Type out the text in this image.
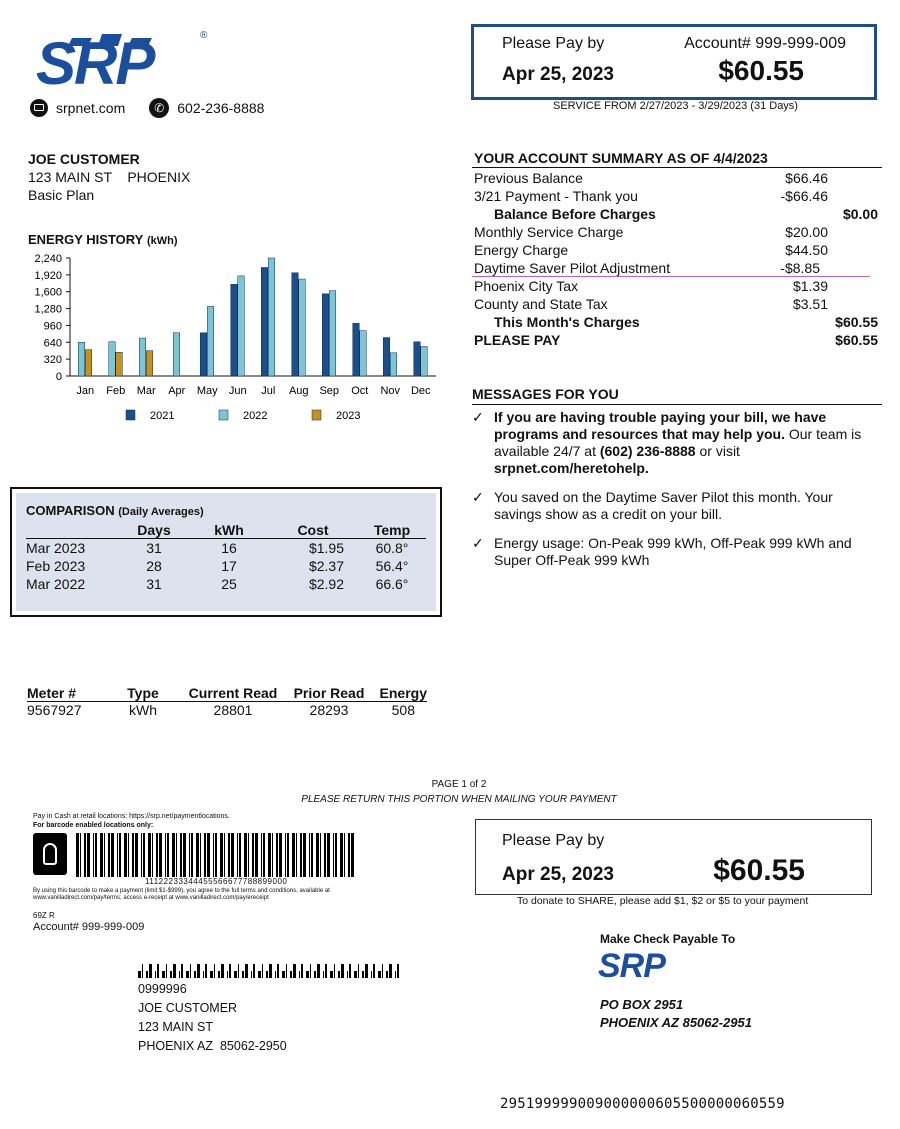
SRP	®
srpnet.com	✆ 602-236-8888
Please Pay by	Account# 999-999-009
Apr 25, 2023	$60.55
SERVICE FROM 2/27/2023 - 3/29/2023 (31 Days)
JOE CUSTOMER
123 MAIN ST    PHOENIX
Basic Plan
YOUR ACCOUNT SUMMARY AS OF 4/4/2023
Previous Balance	$66.46
3/21 Payment - Thank you	-$66.46
Balance Before Charges	$0.00
Monthly Service Charge	$20.00
Energy Charge	$44.50
Daytime Saver Pilot Adjustment	-$8.85
Phoenix City Tax	$1.39
County and State Tax	$3.51
This Month's Charges	$60.55
PLEASE PAY	$60.55
ENERGY HISTORY (kWh)
2,240
1,920
1,600
1,280
960
640
320
0
Jan Feb Mar Apr May Jun Jul Aug Sep Oct Nov Dec
2021	2022	2023
MESSAGES FOR YOU
✓ If you are having trouble paying your bill, we have programs and resources that may help you. Our team is available 24/7 at (602) 236-8888 or visit srpnet.com/heretohelp.
✓ You saved on the Daytime Saver Pilot this month. Your savings show as a credit on your bill.
✓ Energy usage: On-Peak 999 kWh, Off-Peak 999 kWh and Super Off-Peak 999 kWh
COMPARISON (Daily Averages)
	Days	kWh	Cost	Temp
Mar 2023	31	16	$1.95	60.8°
Feb 2023	28	17	$2.37	56.4°
Mar 2022	31	25	$2.92	66.6°
Meter #	Type	Current Read	Prior Read	Energy
9567927	kWh	28801	28293	508
PAGE 1 of 2
PLEASE RETURN THIS PORTION WHEN MAILING YOUR PAYMENT
Pay in Cash at retail locations: https://srp.net/paymentlocations.
For barcode enabled locations only:
11122233344455566677788899000
By using this barcode to make a payment (limit $1-$999), you agree to the full terms and conditions, available at www.vanilladirect.com/pay/terms; access e-receipt at www.vanilladirect.com/pay/ereceipt
69Z R
Account# 999-999-009
Please Pay by
Apr 25, 2023	$60.55
To donate to SHARE, please add $1, $2 or $5 to your payment
Make Check Payable To
SRP
PO BOX 2951
PHOENIX AZ 85062-2951
0999996
JOE CUSTOMER
123 MAIN ST
PHOENIX AZ  85062-2950
295199999009000000605500000060559
